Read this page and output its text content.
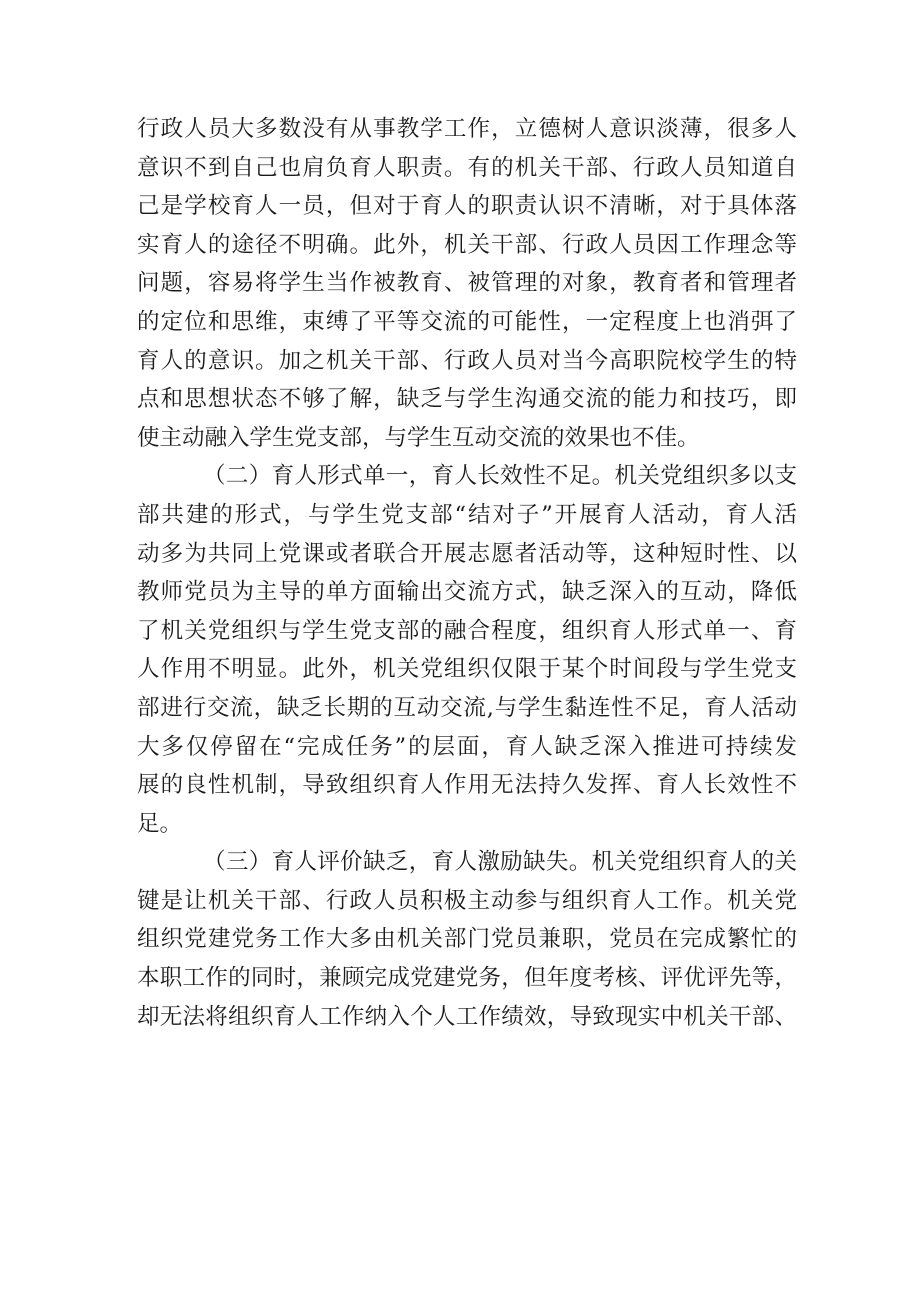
行政人员大多数没有从事教学工作，立德树人意识淡薄，很多人
意识不到自己也肩负育人职责。有的机关干部、行政人员知道自
己是学校育人一员，但对于育人的职责认识不清晰，对于具体落
实育人的途径不明确。此外，机关干部、行政人员因工作理念等
问题，容易将学生当作被教育、被管理的对象，教育者和管理者
的定位和思维，束缚了平等交流的可能性，一定程度上也消弭了
育人的意识。加之机关干部、行政人员对当今高职院校学生的特
点和思想状态不够了解，缺乏与学生沟通交流的能力和技巧，即
使主动融入学生党支部，与学生互动交流的效果也不佳。
（二）育人形式单一，育人长效性不足。机关党组织多以支
部共建的形式，与学生党支部“结对子”开展育人活动，育人活
动多为共同上党课或者联合开展志愿者活动等，这种短时性、以
教师党员为主导的单方面输出交流方式，缺乏深入的互动，降低
了机关党组织与学生党支部的融合程度，组织育人形式单一、育
人作用不明显。此外，机关党组织仅限于某个时间段与学生党支
部进行交流，缺乏长期的互动交流,与学生黏连性不足，育人活动
大多仅停留在“完成任务”的层面，育人缺乏深入推进可持续发
展的良性机制，导致组织育人作用无法持久发挥、育人长效性不
足。
（三）育人评价缺乏，育人激励缺失。机关党组织育人的关
键是让机关干部、行政人员积极主动参与组织育人工作。机关党
组织党建党务工作大多由机关部门党员兼职，党员在完成繁忙的
本职工作的同时，兼顾完成党建党务，但年度考核、评优评先等，
却无法将组织育人工作纳入个人工作绩效，导致现实中机关干部、
